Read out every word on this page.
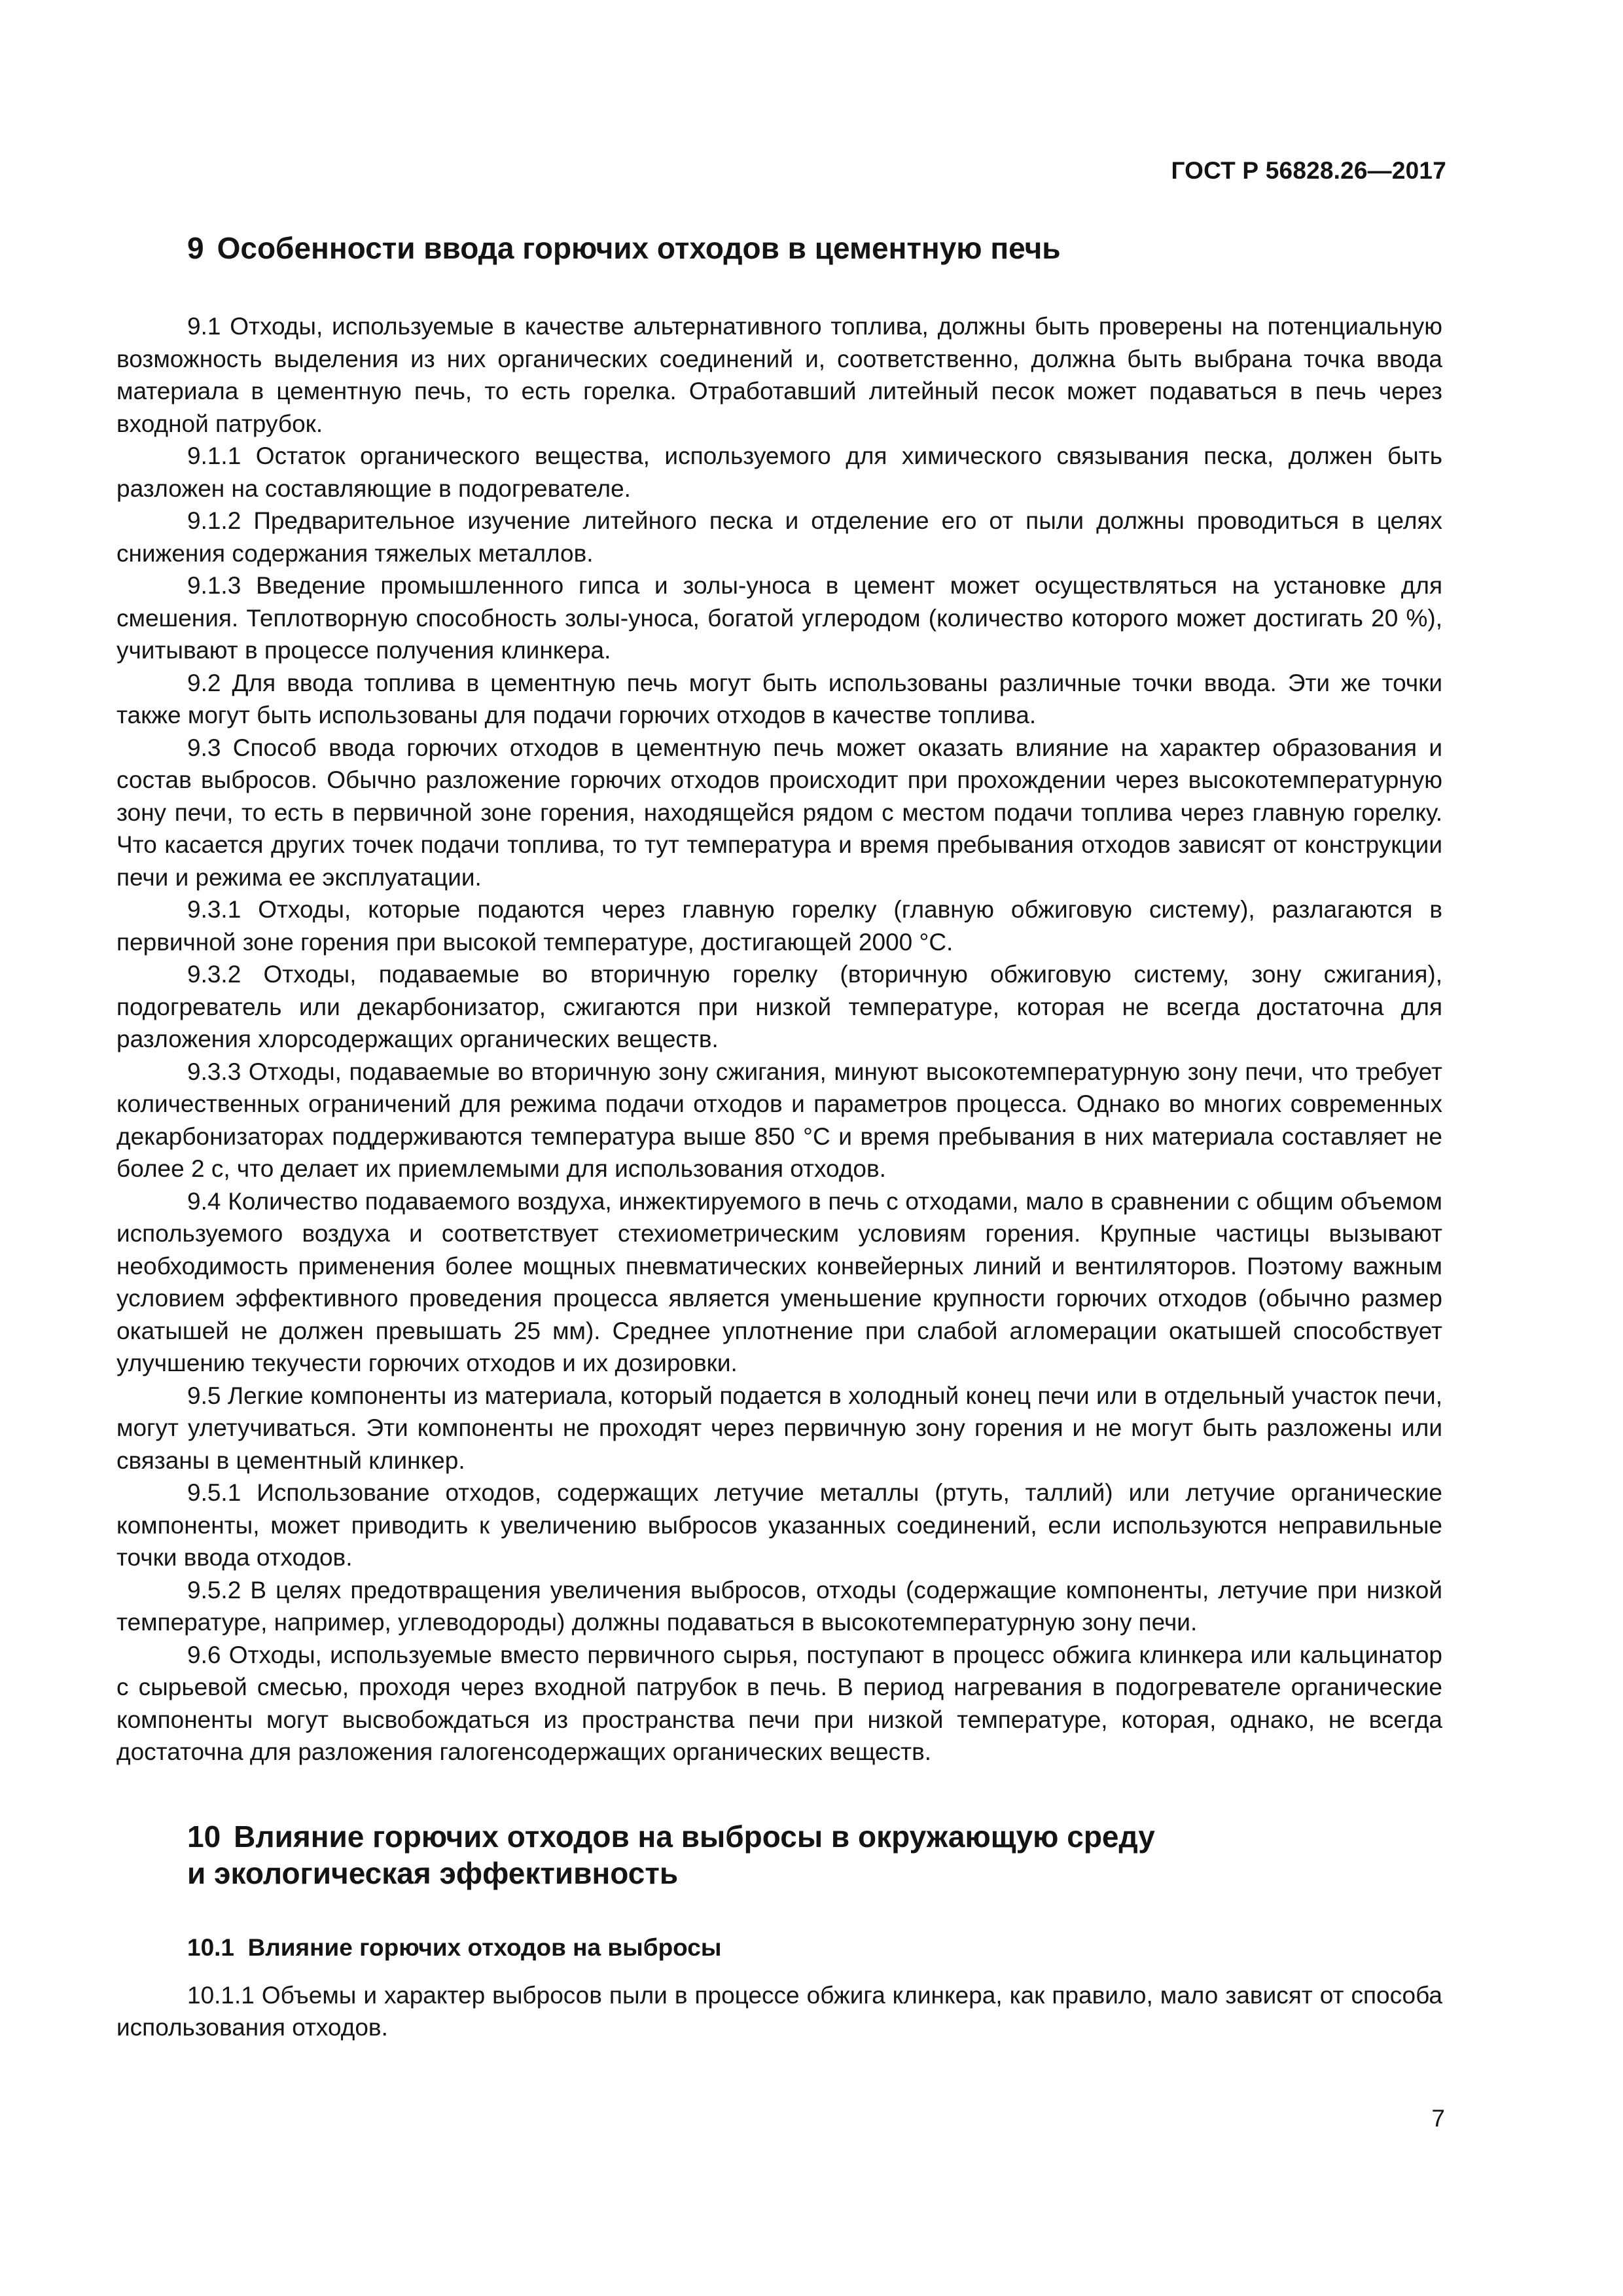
ГОСТ Р 56828.26—2017
9 Особенности ввода горючих отходов в цементную печь

9.1 Отходы, используемые в качестве альтернативного топлива, должны быть проверены на потенциальную возможность выделения из них органических соединений и, соответственно, должна быть выбрана точка ввода материала в цементную печь, то есть горелка. Отработавший литейный песок может подаваться в печь через входной патрубок.

9.1.1 Остаток органического вещества, используемого для химического связывания песка, должен быть разложен на составляющие в подогревателе.

9.1.2 Предварительное изучение литейного песка и отделение его от пыли должны проводиться в целях снижения содержания тяжелых металлов.

9.1.3 Введение промышленного гипса и золы-уноса в цемент может осуществляться на установке для смешения. Теплотворную способность золы-уноса, богатой углеродом (количество которого может достигать 20 %), учитывают в процессе получения клинкера.

9.2 Для ввода топлива в цементную печь могут быть использованы различные точки ввода. Эти же точки также могут быть использованы для подачи горючих отходов в качестве топлива.

9.3 Способ ввода горючих отходов в цементную печь может оказать влияние на характер образования и состав выбросов. Обычно разложение горючих отходов происходит при прохождении через высокотемпературную зону печи, то есть в первичной зоне горения, находящейся рядом с местом подачи топлива через главную горелку. Что касается других точек подачи топлива, то тут температура и время пребывания отходов зависят от конструкции печи и режима ее эксплуатации.

9.3.1 Отходы, которые подаются через главную горелку (главную обжиговую систему), разлагаются в первичной зоне горения при высокой температуре, достигающей 2000 °С.

9.3.2 Отходы, подаваемые во вторичную горелку (вторичную обжиговую систему, зону сжигания), подогреватель или декарбонизатор, сжигаются при низкой температуре, которая не всегда достаточна для разложения хлорсодержащих органических веществ.

9.3.3 Отходы, подаваемые во вторичную зону сжигания, минуют высокотемпературную зону печи, что требует количественных ограничений для режима подачи отходов и параметров процесса. Однако во многих современных декарбонизаторах поддерживаются температура выше 850 °С и время пребывания в них материала составляет не более 2 с, что делает их приемлемыми для использования отходов.

9.4 Количество подаваемого воздуха, инжектируемого в печь с отходами, мало в сравнении с общим объемом используемого воздуха и соответствует стехиометрическим условиям горения. Крупные частицы вызывают необходимость применения более мощных пневматических конвейерных линий и вентиляторов. Поэтому важным условием эффективного проведения процесса является уменьшение крупности горючих отходов (обычно размер окатышей не должен превышать 25 мм). Среднее уплотнение при слабой агломерации окатышей способствует улучшению текучести горючих отходов и их дозировки.

9.5 Легкие компоненты из материала, который подается в холодный конец печи или в отдельный участок печи, могут улетучиваться. Эти компоненты не проходят через первичную зону горения и не могут быть разложены или связаны в цементный клинкер.

9.5.1 Использование отходов, содержащих летучие металлы (ртуть, таллий) или летучие органические компоненты, может приводить к увеличению выбросов указанных соединений, если используются неправильные точки ввода отходов.

9.5.2 В целях предотвращения увеличения выбросов, отходы (содержащие компоненты, летучие при низкой температуре, например, углеводороды) должны подаваться в высокотемпературную зону печи.

9.6 Отходы, используемые вместо первичного сырья, поступают в процесс обжига клинкера или кальцинатор с сырьевой смесью, проходя через входной патрубок в печь. В период нагревания в подогревателе органические компоненты могут высвобождаться из пространства печи при низкой температуре, которая, однако, не всегда достаточна для разложения галогенсодержащих органических веществ.

10 Влияние горючих отходов на выбросы в окружающую среду
и экологическая эффективность
10.1 Влияние горючих отходов на выбросы

10.1.1 Объемы и характер выбросов пыли в процессе обжига клинкера, как правило, мало зависят от способа использования отходов.

7
